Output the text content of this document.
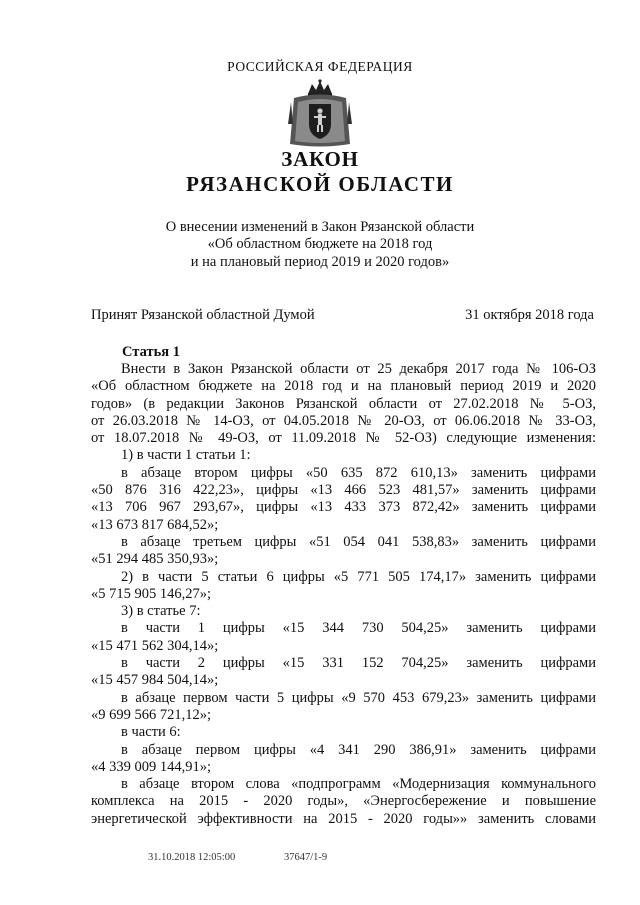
РОССИЙСКАЯ ФЕДЕРАЦИЯ
ЗАКОН
РЯЗАНСКОЙ ОБЛАСТИ
О внесении изменений в Закон Рязанской области
«Об областном бюджете на 2018 год
и на плановый период 2019 и 2020 годов»
Принят Рязанской областной Думой	31 октября 2018 года
Статья 1
Внести в Закон Рязанской области от 25 декабря 2017 года № 106-ОЗ
«Об областном бюджете на 2018 год и на плановый период 2019 и 2020
годов» (в редакции Законов Рязанской области от 27.02.2018 № 5-ОЗ,
от 26.03.2018 № 14-ОЗ, от 04.05.2018 № 20-ОЗ, от 06.06.2018 № 33-ОЗ,
от 18.07.2018 № 49-ОЗ, от 11.09.2018 № 52-ОЗ) следующие изменения:
1) в части 1 статьи 1:
в абзаце втором цифры «50 635 872 610,13» заменить цифрами
«50 876 316 422,23», цифры «13 466 523 481,57» заменить цифрами
«13 706 967 293,67», цифры «13 433 373 872,42» заменить цифрами
«13 673 817 684,52»;
в абзаце третьем цифры «51 054 041 538,83» заменить цифрами
«51 294 485 350,93»;
2) в части 5 статьи 6 цифры «5 771 505 174,17» заменить цифрами
«5 715 905 146,27»;
3) в статье 7:
в части 1 цифры «15 344 730 504,25» заменить цифрами
«15 471 562 304,14»;
в части 2 цифры «15 331 152 704,25» заменить цифрами
«15 457 984 504,14»;
в абзаце первом части 5 цифры «9 570 453 679,23» заменить цифрами
«9 699 566 721,12»;
в части 6:
в абзаце первом цифры «4 341 290 386,91» заменить цифрами
«4 339 009 144,91»;
в абзаце втором слова «подпрограмм «Модернизация коммунального
комплекса на 2015 - 2020 годы», «Энергосбережение и повышение
энергетической эффективности на 2015 - 2020 годы»» заменить словами
31.10.2018 12:05:00	37647/1-9
